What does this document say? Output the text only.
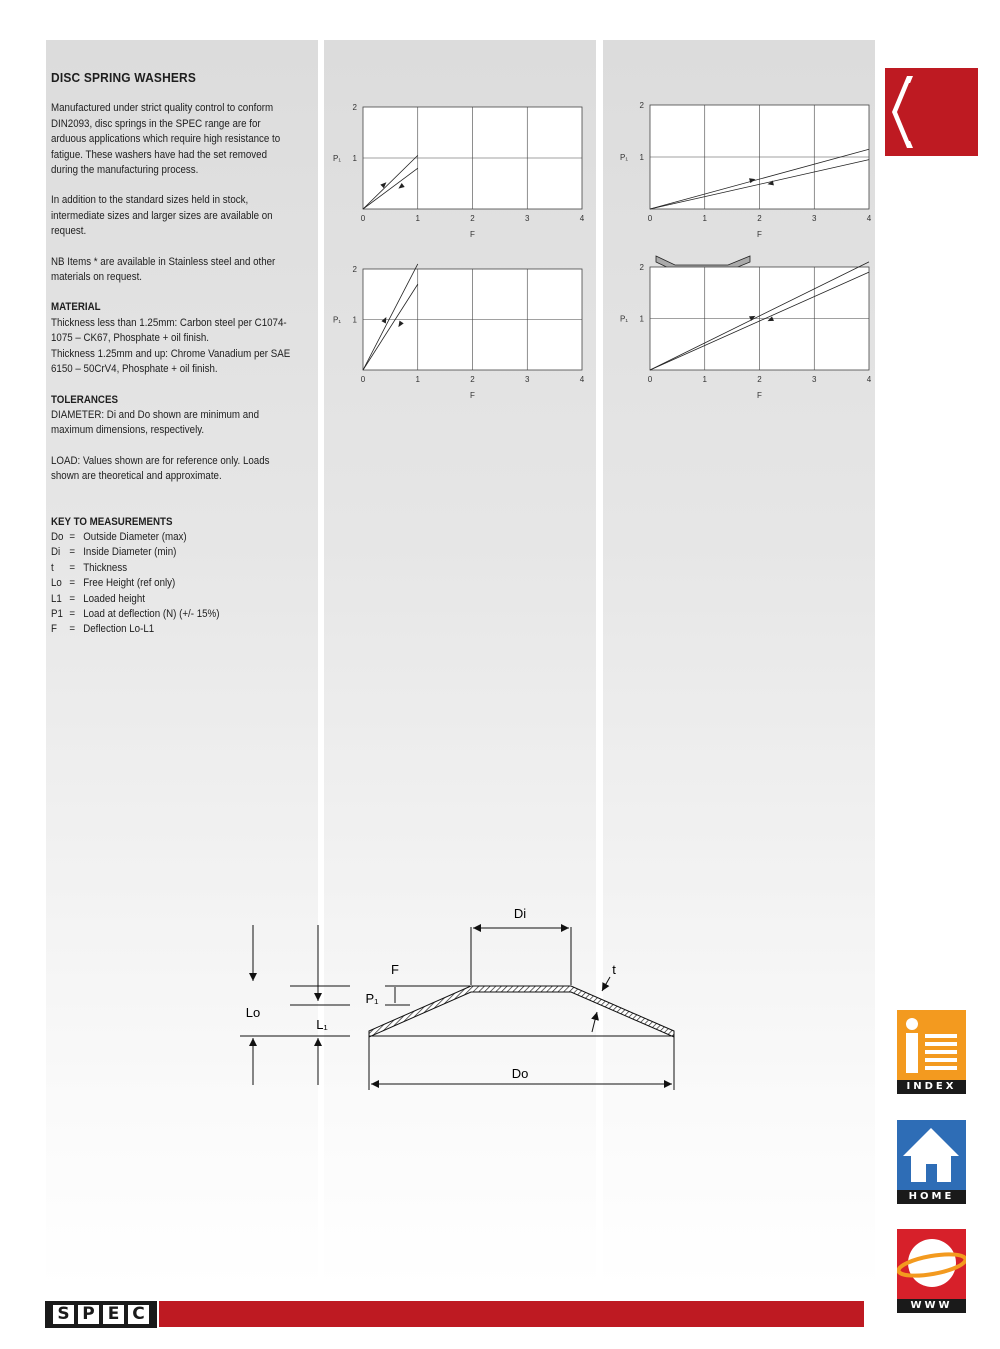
DISC SPRING WASHERS

Manufactured under strict quality control to conform DIN2093, disc springs in the SPEC range are for arduous applications which require high resistance to fatigue. These washers have had the set removed during the manufacturing process.

In addition to the standard sizes held in stock, intermediate sizes and larger sizes are available on request.

NB Items * are available in Stainless steel and other materials on request.

MATERIAL

Thickness less than 1.25mm: Carbon steel per C1074-1075 – CK67, Phosphate + oil finish.

Thickness 1.25mm and up: Chrome Vanadium per SAE 6150 – 50CrV4, Phosphate + oil finish.

TOLERANCES

DIAMETER: Di and Do shown are minimum and maximum dimensions, respectively.

LOAD: Values shown are for reference only. Loads shown are theoretical and approximate.

KEY TO MEASUREMENTS
Do = Outside Diameter (max)
Di = Inside Diameter (min)
t	= Thickness
Lo = Free Height (ref only)
L1 = Loaded height
P1 = Load at deflection (N) (+/- 15%)
F	= Deflection Lo-L1
0	1	2	3	4
1
2
P₁
F
0	1	2	3	4
1
2
P₁
F
0	1	2	3	4
1
2
P₁
F
0	1	2	3	4
1
2
P₁
F
Di
F	t
P₁
Lo
L₁
Do
INDEX
HOME
WWW
S P E C
